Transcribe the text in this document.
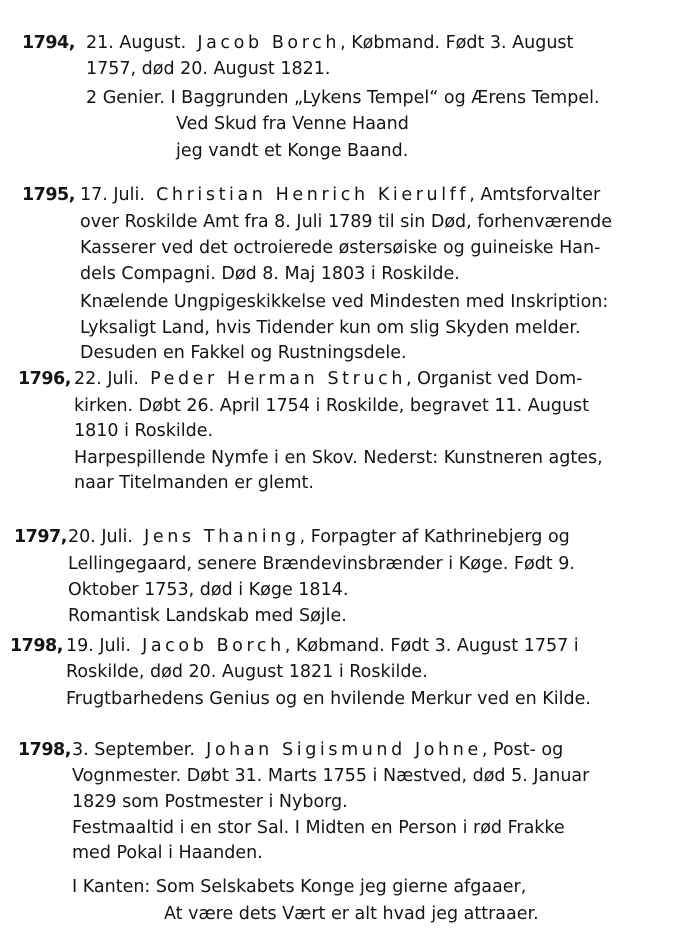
1794, 21. August. Jacob Borch, Købmand. Født 3. August
1757, død 20. August 1821.
2 Genier. I Baggrunden „Lykens Tempel“ og Ærens Tempel.
Ved Skud fra Venne Haand
jeg vandt et Konge Baand.
1795, 17. Juli. Christian Henrich Kierulff, Amtsforvalter
over Roskilde Amt fra 8. Juli 1789 til sin Død, forhenværende
Kasserer ved det octroierede østersøiske og guineiske Han-
dels Compagni. Død 8. Maj 1803 i Roskilde.
Knælende Ungpigeskikkelse ved Mindesten med Inskription:
Lyksaligt Land, hvis Tidender kun om slig Skyden melder.
Desuden en Fakkel og Rustningsdele.
1796, 22. Juli. Peder Herman Struch, Organist ved Dom-
kirken. Døbt 26. April 1754 i Roskilde, begravet 11. August
1810 i Roskilde.
Harpespillende Nymfe i en Skov. Nederst: Kunstneren agtes,
naar Titelmanden er glemt.
1797, 20. Juli. Jens Thaning, Forpagter af Kathrinebjerg og
Lellingegaard, senere Brændevinsbrænder i Køge. Født 9.
Oktober 1753, død i Køge 1814.
Romantisk Landskab med Søjle.
1798, 19. Juli. Jacob Borch, Købmand. Født 3. August 1757 i
Roskilde, død 20. August 1821 i Roskilde.
Frugtbarhedens Genius og en hvilende Merkur ved en Kilde.
1798, 3. September. Johan Sigismund Johne, Post- og
Vognmester. Døbt 31. Marts 1755 i Næstved, død 5. Januar
1829 som Postmester i Nyborg.
Festmaaltid i en stor Sal. I Midten en Person i rød Frakke
med Pokal i Haanden.
I Kanten: Som Selskabets Konge jeg gierne afgaaer,
At være dets Vært er alt hvad jeg attraaer.
